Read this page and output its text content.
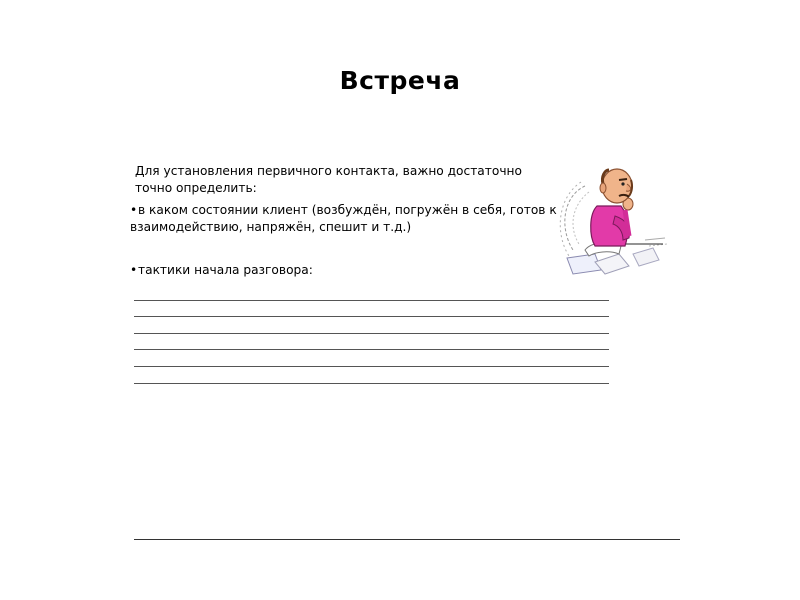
Встреча
Для установления первичного контакта, важно достаточно точно определить:
•в каком состоянии клиент (возбуждён, погружён в себя, готов к взаимодействию, напряжён, спешит и т.д.)
•тактики начала разговора:
